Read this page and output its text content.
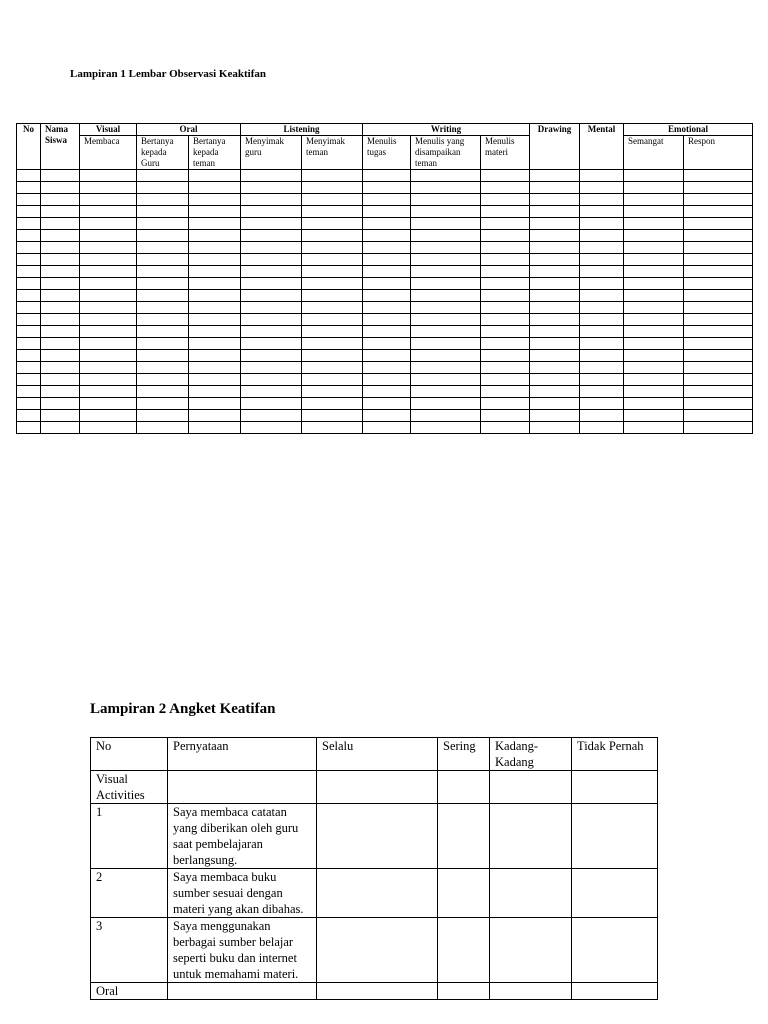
Lampiran 1 Lembar Observasi Keaktifan
No	Nama Siswa	Visual	Oral		Listening		Writing			Drawing	Mental	Emotional	
		Membaca	Bertanya kepada Guru	Bertanya kepada teman	Menyimak guru	Menyimak teman	Menulis tugas	Menulis yang disampaikan teman	Menulis materi			Semangat	Respon

Lampiran 2 Angket Keatifan
No	Pernyataan	Selalu	Sering	Kadang-Kadang	Tidak Pernah
Visual Activities					
1	Saya membaca catatan yang diberikan oleh guru saat pembelajaran berlangsung.				
2	Saya membaca buku sumber sesuai dengan materi yang akan dibahas.				
3	Saya menggunakan berbagai sumber belajar seperti buku dan internet untuk memahami materi.				
Oral					
